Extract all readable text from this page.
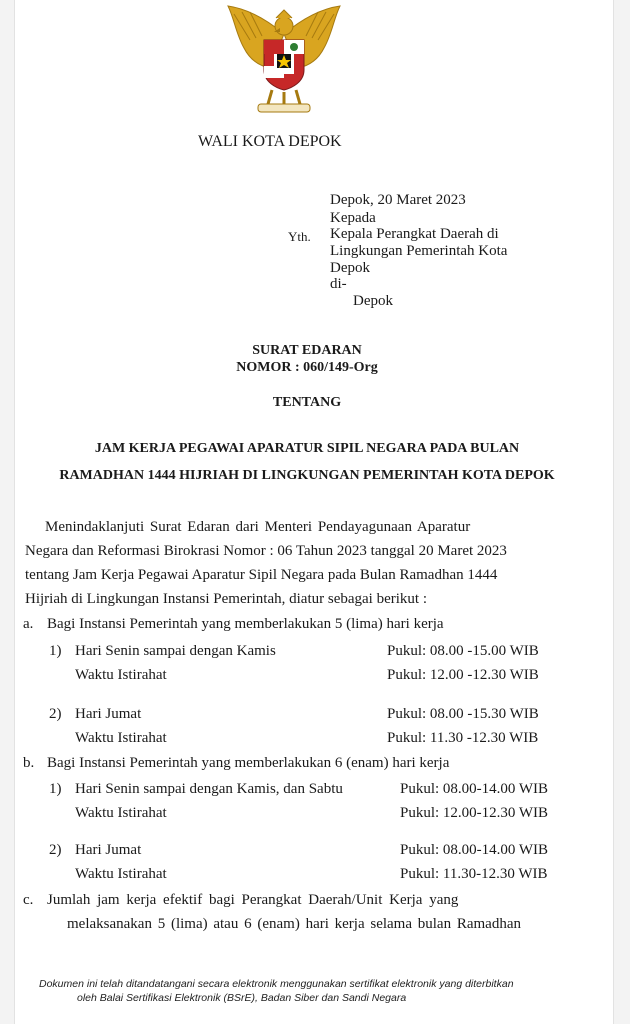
WALI KOTA DEPOK
Depok, 20 Maret 2023
Kepada
Yth. Kepala Perangkat Daerah di
Lingkungan Pemerintah Kota
Depok
di-
Depok
SURAT EDARAN
NOMOR : 060/149-Org
TENTANG
JAM KERJA PEGAWAI APARATUR SIPIL NEGARA PADA BULAN
RAMADHAN 1444 HIJRIAH DI LINGKUNGAN PEMERINTAH KOTA DEPOK
Menindaklanjuti Surat Edaran dari Menteri Pendayagunaan Aparatur
Negara dan Reformasi Birokrasi Nomor : 06 Tahun 2023 tanggal 20 Maret 2023
tentang Jam Kerja Pegawai Aparatur Sipil Negara pada Bulan Ramadhan 1444
Hijriah di Lingkungan Instansi Pemerintah, diatur sebagai berikut :
a. Bagi Instansi Pemerintah yang memberlakukan 5 (lima) hari kerja
1) Hari Senin sampai dengan Kamis	Pukul: 08.00 -15.00 WIB
Waktu Istirahat	Pukul: 12.00 -12.30 WIB
2) Hari Jumat	Pukul: 08.00 -15.30 WIB
Waktu Istirahat	Pukul: 11.30 -12.30 WIB
b. Bagi Instansi Pemerintah yang memberlakukan 6 (enam) hari kerja
1) Hari Senin sampai dengan Kamis, dan Sabtu	Pukul: 08.00-14.00 WIB
Waktu Istirahat	Pukul: 12.00-12.30 WIB
2) Hari Jumat	Pukul: 08.00-14.00 WIB
Waktu Istirahat	Pukul: 11.30-12.30 WIB
c. Jumlah jam kerja efektif bagi Perangkat Daerah/Unit Kerja yang
melaksanakan 5 (lima) atau 6 (enam) hari kerja selama bulan Ramadhan
Dokumen ini telah ditandatangani secara elektronik menggunakan sertifikat elektronik yang diterbitkan
oleh Balai Sertifikasi Elektronik (BSrE), Badan Siber dan Sandi Negara
